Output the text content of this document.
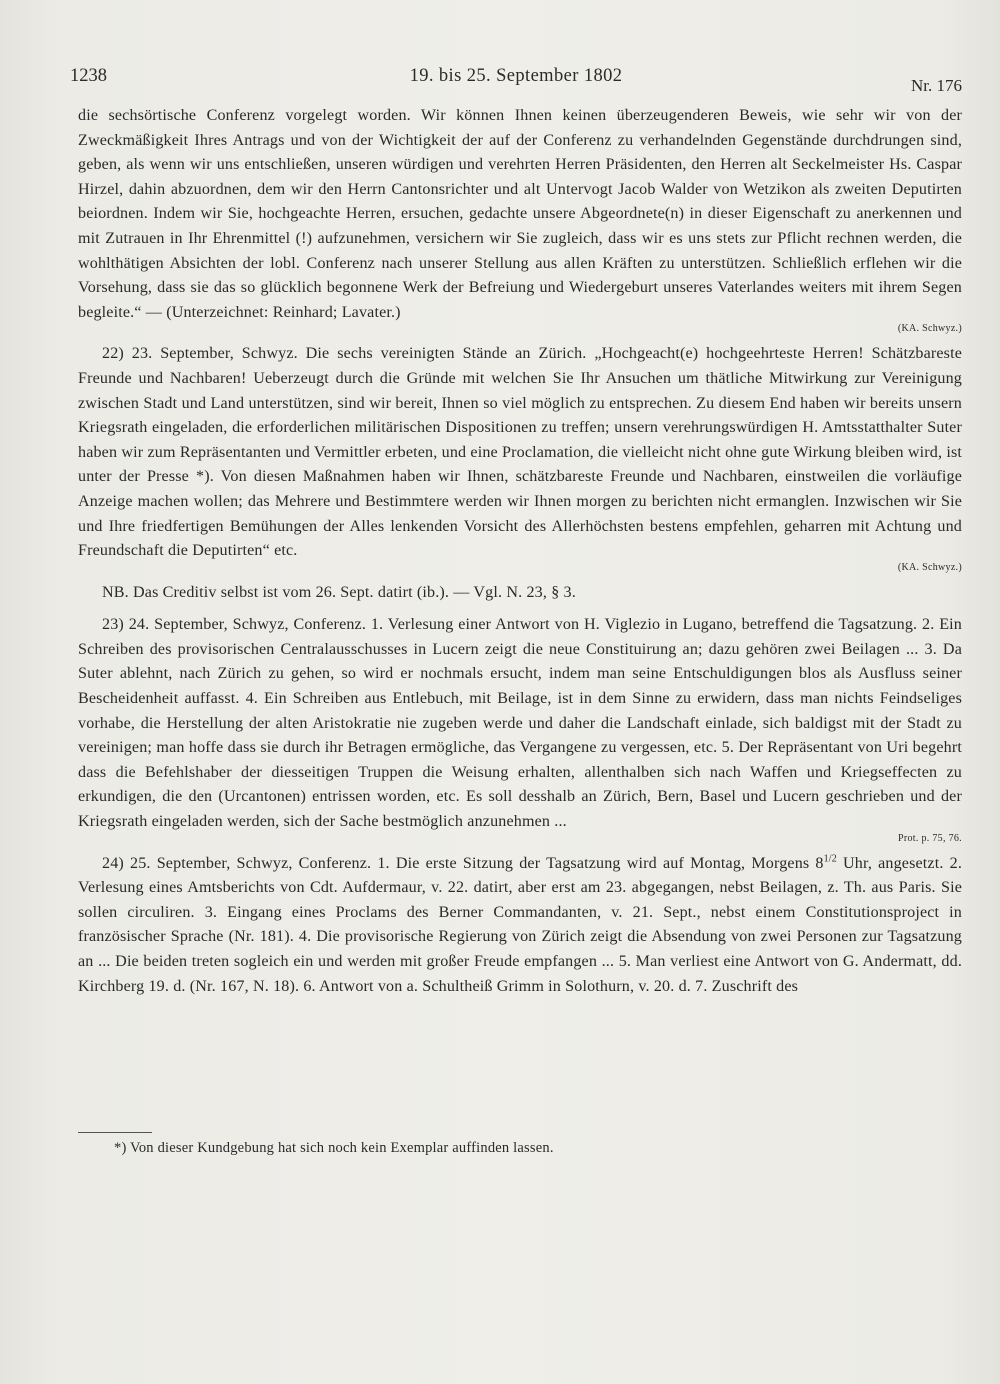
1238	19. bis 25. September 1802	Nr. 176

die sechsörtische Conferenz vorgelegt worden. Wir können Ihnen keinen überzeugenderen Beweis, wie sehr wir von der Zweckmäßigkeit Ihres Antrags und von der Wichtigkeit der auf der Conferenz zu verhandelnden Gegenstände durchdrungen sind, geben, als wenn wir uns entschließen, unseren würdigen und verehrten Herren Präsidenten, den Herren alt Seckelmeister Hs. Caspar Hirzel, dahin abzuordnen, dem wir den Herrn Cantonsrichter und alt Untervogt Jacob Walder von Wetzikon als zweiten Deputirten beiordnen. Indem wir Sie, hochgeachte Herren, ersuchen, gedachte unsere Abgeordnete(n) in dieser Eigenschaft zu anerkennen und mit Zutrauen in Ihr Ehrenmittel (!) aufzunehmen, versichern wir Sie zugleich, dass wir es uns stets zur Pflicht rechnen werden, die wohlthätigen Absichten der lobl. Conferenz nach unserer Stellung aus allen Kräften zu unterstützen. Schließlich erflehen wir die Vorsehung, dass sie das so glücklich begonnene Werk der Befreiung und Wiedergeburt unseres Vaterlandes weiters mit ihrem Segen begleite.“ — (Unterzeichnet: Reinhard; Lavater.)

(KA. Schwyz.)

22) 23. September, Schwyz. Die sechs vereinigten Stände an Zürich. „Hochgeacht(e) hochgeehrteste Herren! Schätzbareste Freunde und Nachbaren! Ueberzeugt durch die Gründe mit welchen Sie Ihr Ansuchen um thätliche Mitwirkung zur Vereinigung zwischen Stadt und Land unterstützen, sind wir bereit, Ihnen so viel möglich zu entsprechen. Zu diesem End haben wir bereits unsern Kriegsrath eingeladen, die erforderlichen militärischen Dispositionen zu treffen; unsern verehrungswürdigen H. Amtsstatthalter Suter haben wir zum Repräsentanten und Vermittler erbeten, und eine Proclamation, die vielleicht nicht ohne gute Wirkung bleiben wird, ist unter der Presse *). Von diesen Maßnahmen haben wir Ihnen, schätzbareste Freunde und Nachbaren, einstweilen die vorläufige Anzeige machen wollen; das Mehrere und Bestimmtere werden wir Ihnen morgen zu berichten nicht ermanglen. Inzwischen wir Sie und Ihre friedfertigen Bemühungen der Alles lenkenden Vorsicht des Allerhöchsten bestens empfehlen, geharren mit Achtung und Freundschaft die Deputirten“ etc.

(KA. Schwyz.)

NB. Das Creditiv selbst ist vom 26. Sept. datirt (ib.). — Vgl. N. 23, § 3.

23) 24. September, Schwyz, Conferenz. 1. Verlesung einer Antwort von H. Viglezio in Lugano, betreffend die Tagsatzung. 2. Ein Schreiben des provisorischen Centralausschusses in Lucern zeigt die neue Constituirung an; dazu gehören zwei Beilagen ... 3. Da Suter ablehnt, nach Zürich zu gehen, so wird er nochmals ersucht, indem man seine Entschuldigungen blos als Ausfluss seiner Bescheidenheit auffasst. 4. Ein Schreiben aus Entlebuch, mit Beilage, ist in dem Sinne zu erwidern, dass man nichts Feindseliges vorhabe, die Herstellung der alten Aristokratie nie zugeben werde und daher die Landschaft einlade, sich baldigst mit der Stadt zu vereinigen; man hoffe dass sie durch ihr Betragen ermögliche, das Vergangene zu vergessen, etc. 5. Der Repräsentant von Uri begehrt dass die Befehlshaber der diesseitigen Truppen die Weisung erhalten, allenthalben sich nach Waffen und Kriegseffecten zu erkundigen, die den (Urcantonen) entrissen worden, etc. Es soll desshalb an Zürich, Bern, Basel und Lucern geschrieben und der Kriegsrath eingeladen werden, sich der Sache bestmöglich anzunehmen ...

Prot. p. 75, 76.

24) 25. September, Schwyz, Conferenz. 1. Die erste Sitzung der Tagsatzung wird auf Montag, Morgens $8^{1/2}$ Uhr, angesetzt. 2. Verlesung eines Amtsberichts von Cdt. Aufdermaur, v. 22. datirt, aber erst am 23. abgegangen, nebst Beilagen, z. Th. aus Paris. Sie sollen circuliren. 3. Eingang eines Proclams des Berner Commandanten, v. 21. Sept., nebst einem Constitutionsproject in französischer Sprache (Nr. 181). 4. Die provisorische Regierung von Zürich zeigt die Absendung von zwei Personen zur Tagsatzung an ... Die beiden treten sogleich ein und werden mit großer Freude empfangen ... 5. Man verliest eine Antwort von G. Andermatt, dd. Kirchberg 19. d. (Nr. 167, N. 18). 6. Antwort von a. Schultheiß Grimm in Solothurn, v. 20. d. 7. Zuschrift des

*) Von dieser Kundgebung hat sich noch kein Exemplar auffinden lassen.
